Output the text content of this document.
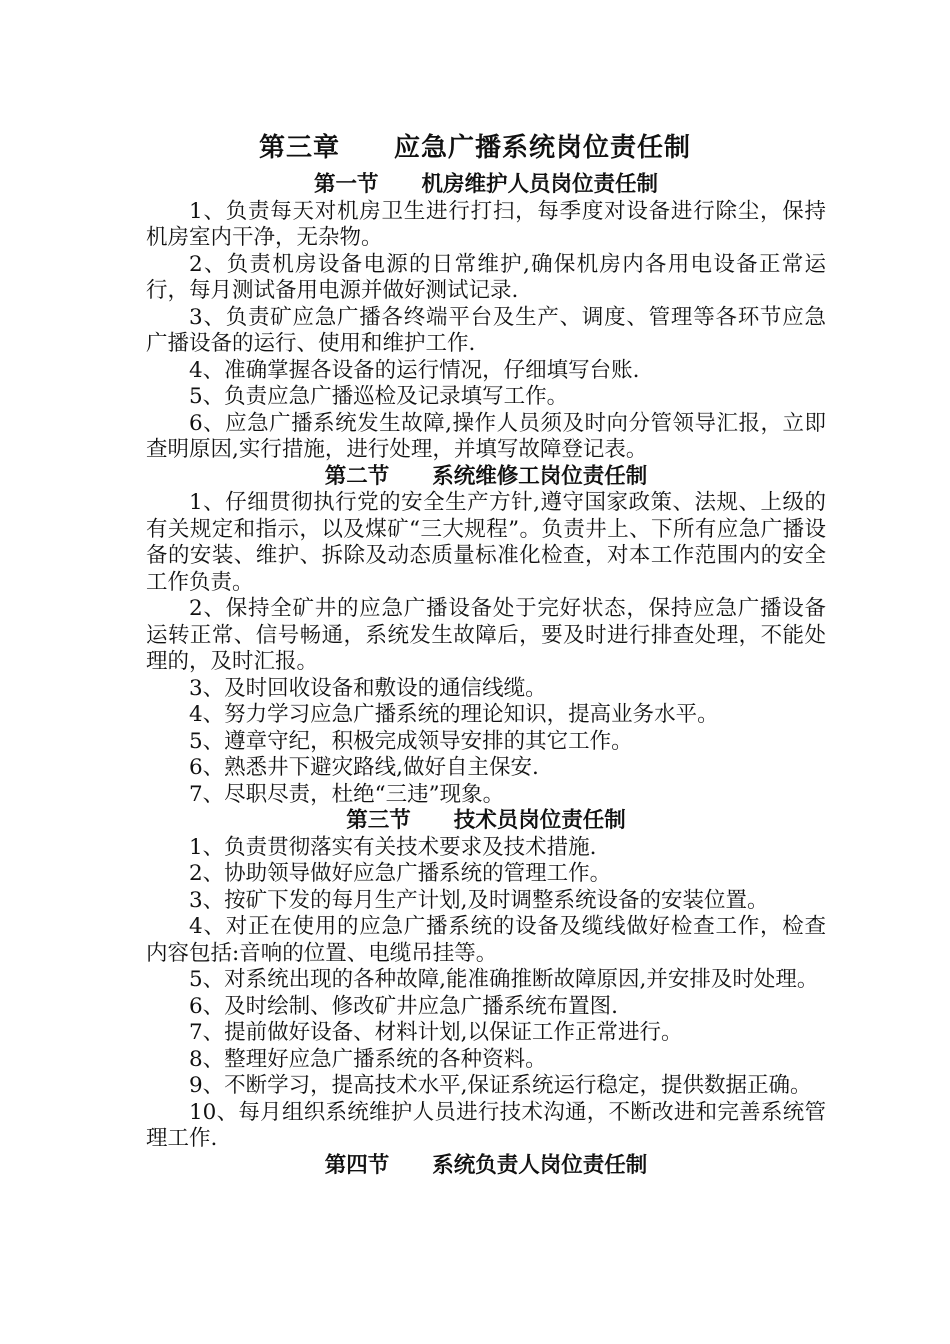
第三章　　应急广播系统岗位责任制

第一节　　机房维护人员岗位责任制

1、负责每天对机房卫生进行打扫，每季度对设备进行除尘，保持机房室内干净，无杂物。

2、负责机房设备电源的日常维护,确保机房内各用电设备正常运行，每月测试备用电源并做好测试记录.

3、负责矿应急广播各终端平台及生产、调度、管理等各环节应急广播设备的运行、使用和维护工作.

4、准确掌握各设备的运行情况，仔细填写台账.

5、负责应急广播巡检及记录填写工作。

6、应急广播系统发生故障,操作人员须及时向分管领导汇报，立即查明原因,实行措施，进行处理，并填写故障登记表。

第二节　　系统维修工岗位责任制

1、仔细贯彻执行党的安全生产方针,遵守国家政策、法规、上级的有关规定和指示，以及煤矿“三大规程”。负责井上、下所有应急广播设备的安装、维护、拆除及动态质量标准化检查，对本工作范围内的安全工作负责。

2、保持全矿井的应急广播设备处于完好状态，保持应急广播设备运转正常、信号畅通，系统发生故障后，要及时进行排查处理，不能处理的，及时汇报。

3、及时回收设备和敷设的通信线缆。

4、努力学习应急广播系统的理论知识，提高业务水平。

5、遵章守纪，积极完成领导安排的其它工作。

6、熟悉井下避灾路线,做好自主保安.

7、尽职尽责，杜绝“三违”现象。

第三节　　技术员岗位责任制

1、负责贯彻落实有关技术要求及技术措施.

2、协助领导做好应急广播系统的管理工作。

3、按矿下发的每月生产计划,及时调整系统设备的安装位置。

4、对正在使用的应急广播系统的设备及缆线做好检查工作，检查内容包括:音响的位置、电缆吊挂等。

5、对系统出现的各种故障,能准确推断故障原因,并安排及时处理。

6、及时绘制、修改矿井应急广播系统布置图.

7、提前做好设备、材料计划,以保证工作正常进行。

8、整理好应急广播系统的各种资料。

9、不断学习，提高技术水平,保证系统运行稳定，提供数据正确。

10、每月组织系统维护人员进行技术沟通，不断改进和完善系统管理工作.

第四节　　系统负责人岗位责任制
